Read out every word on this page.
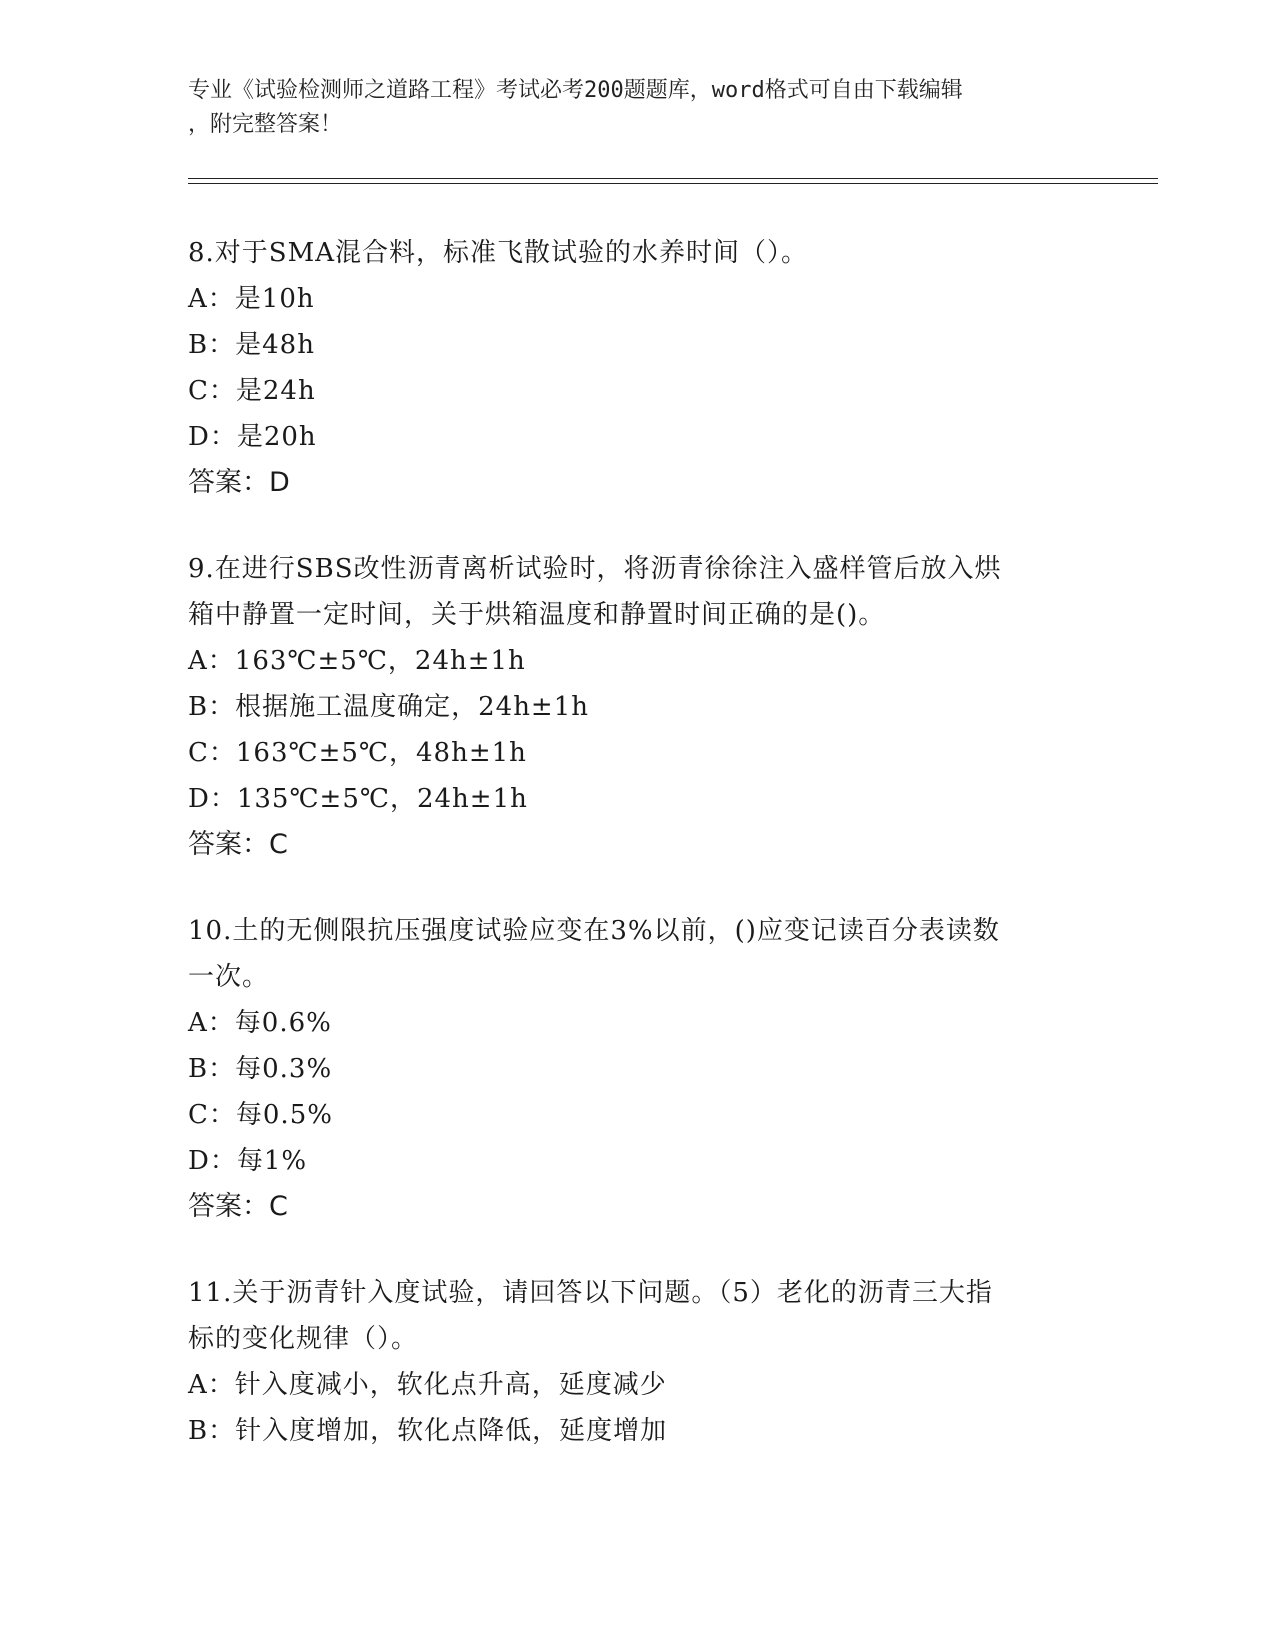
专业《试验检测师之道路工程》考试必考200题题库，word格式可自由下载编辑
，附完整答案！
8.对于SMA混合料，标准飞散试验的水养时间（）。
A：是10h
B：是48h
C：是24h
D：是20h
答案：D
9.在进行SBS改性沥青离析试验时，将沥青徐徐注入盛样管后放入烘
箱中静置一定时间，关于烘箱温度和静置时间正确的是()。
A：163℃±5℃，24h±1h
B：根据施工温度确定，24h±1h
C：163℃±5℃，48h±1h
D：135℃±5℃，24h±1h
答案：C
10.土的无侧限抗压强度试验应变在3%以前，()应变记读百分表读数
一次。
A：每0.6%
B：每0.3%
C：每0.5%
D：每1%
答案：C
11.关于沥青针入度试验，请回答以下问题。（5）老化的沥青三大指
标的变化规律（）。
A：针入度减小，软化点升高，延度减少
B：针入度增加，软化点降低，延度增加
